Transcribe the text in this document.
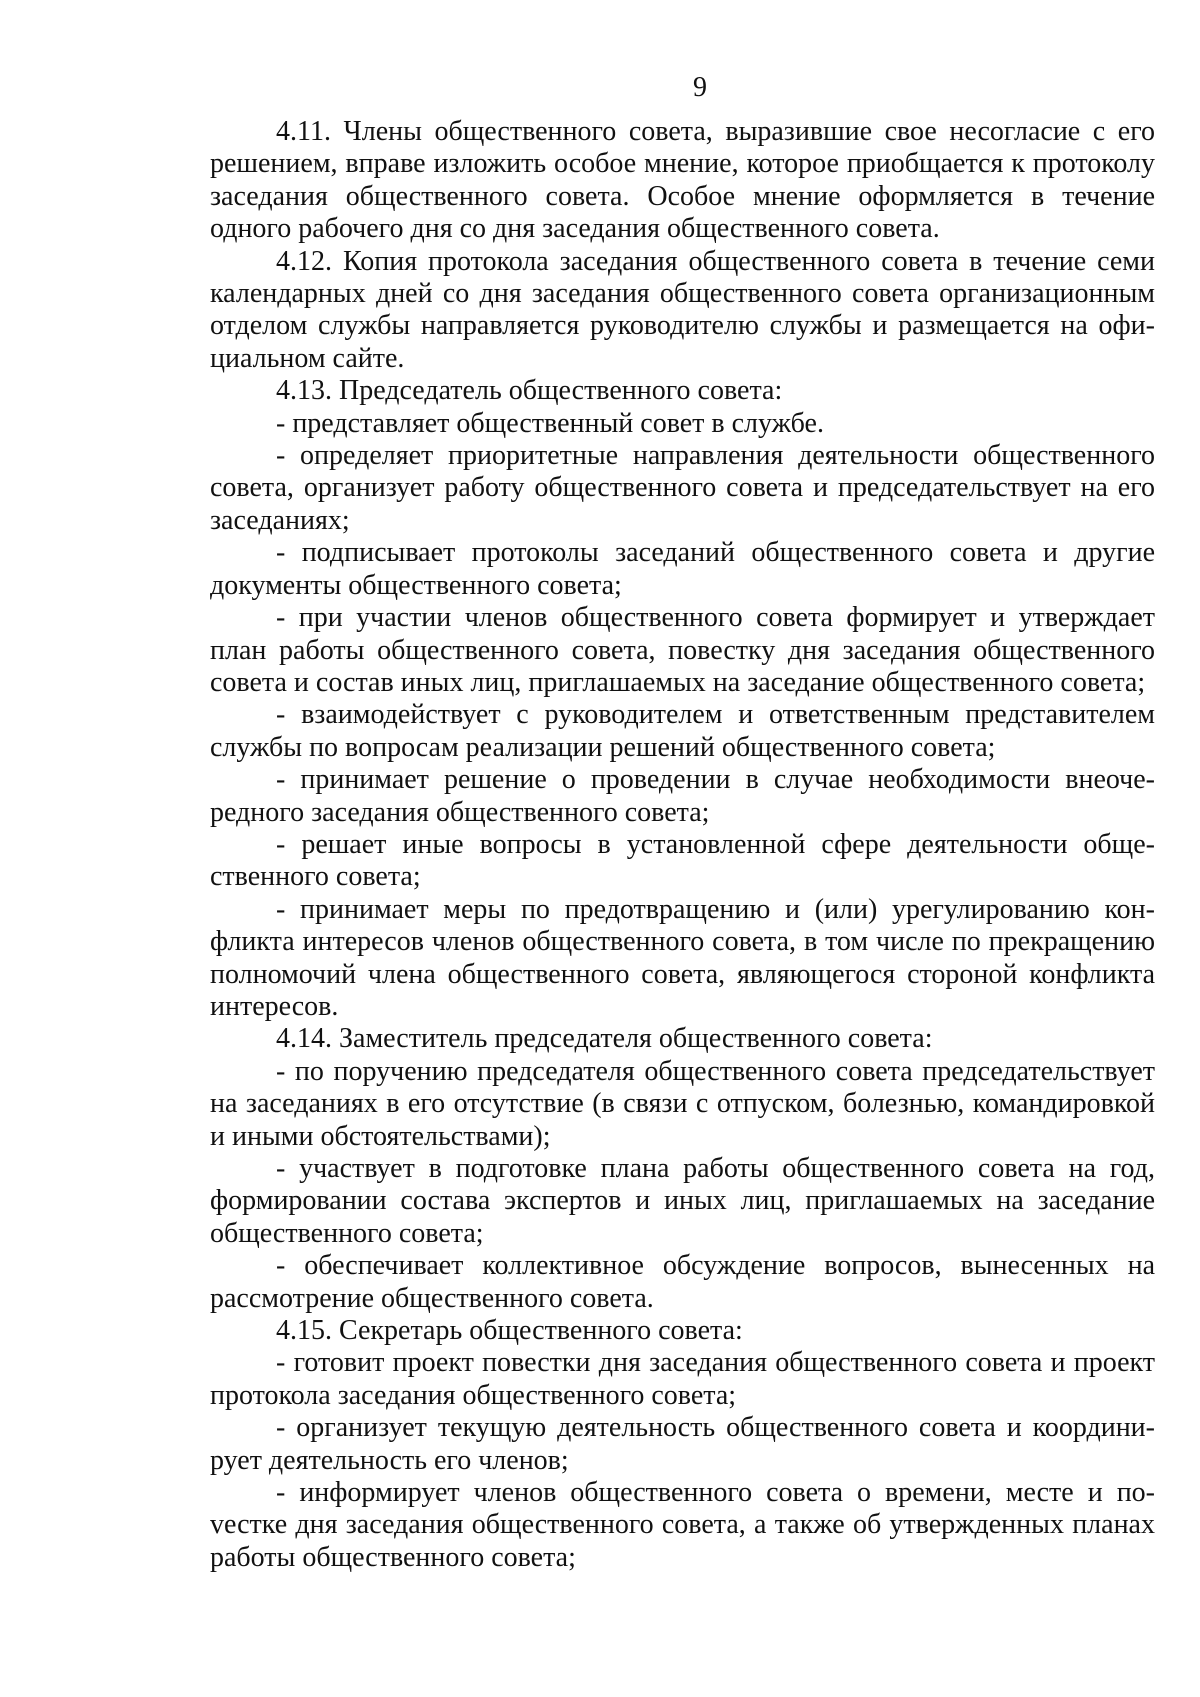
9

4.11. Члены общественного совета, выразившие свое несогласие с его решением, вправе изложить особое мнение, которое приобщается к протоколу заседания общественного совета. Особое мнение оформляется в течение одного рабочего дня со дня заседания общественного совета.

4.12. Копия протокола заседания общественного совета в течение семи календарных дней со дня заседания общественного совета организационным отделом службы направляется руководителю службы и размещается на официальном сайте.

4.13. Председатель общественного совета:

- представляет общественный совет в службе.

- определяет приоритетные направления деятельности общественного совета, организует работу общественного совета и председательствует на его заседаниях;

- подписывает протоколы заседаний общественного совета и другие документы общественного совета;

- при участии членов общественного совета формирует и утверждает план работы общественного совета, повестку дня заседания общественного совета и состав иных лиц, приглашаемых на заседание общественного совета;

- взаимодействует с руководителем и ответственным представителем службы по вопросам реализации решений общественного совета;

- принимает решение о проведении в случае необходимости внеочередного заседания общественного совета;

- решает иные вопросы в установленной сфере деятельности общественного совета;

- принимает меры по предотвращению и (или) урегулированию конфликта интересов членов общественного совета, в том числе по прекращению полномочий члена общественного совета, являющегося стороной конфликта интересов.

4.14. Заместитель председателя общественного совета:

- по поручению председателя общественного совета председательствует на заседаниях в его отсутствие (в связи с отпуском, болезнью, командировкой и иными обстоятельствами);

- участвует в подготовке плана работы общественного совета на год, формировании состава экспертов и иных лиц, приглашаемых на заседание общественного совета;

- обеспечивает коллективное обсуждение вопросов, вынесенных на рассмотрение общественного совета.

4.15. Секретарь общественного совета:

- готовит проект повестки дня заседания общественного совета и проект протокола заседания общественного совета;

- организует текущую деятельность общественного совета и координирует деятельность его членов;

- информирует членов общественного совета о времени, месте и поvестке дня заседания общественного совета, а также об утвержденных планах работы общественного совета;
